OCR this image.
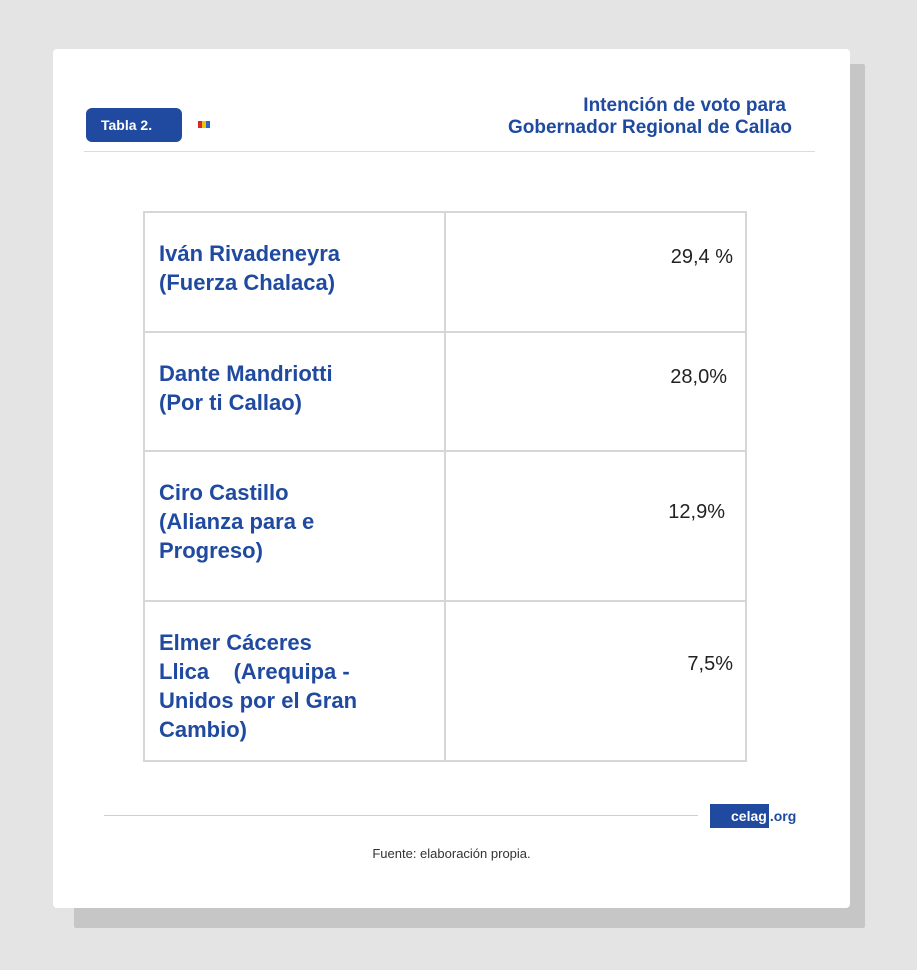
Tabla 2.
Intención de voto para
Gobernador Regional de Callao
Iván Rivadeneyra
(Fuerza Chalaca)	29,4 %

Dante Mandriotti
(Por ti Callao)	28,0%

Ciro Castillo
(Alianza para e
Progreso)	12,9%

Elmer Cáceres
Llica    (Arequipa -
Unidos por el Gran
Cambio)	7,5%
celag .org
Fuente: elaboración propia.
